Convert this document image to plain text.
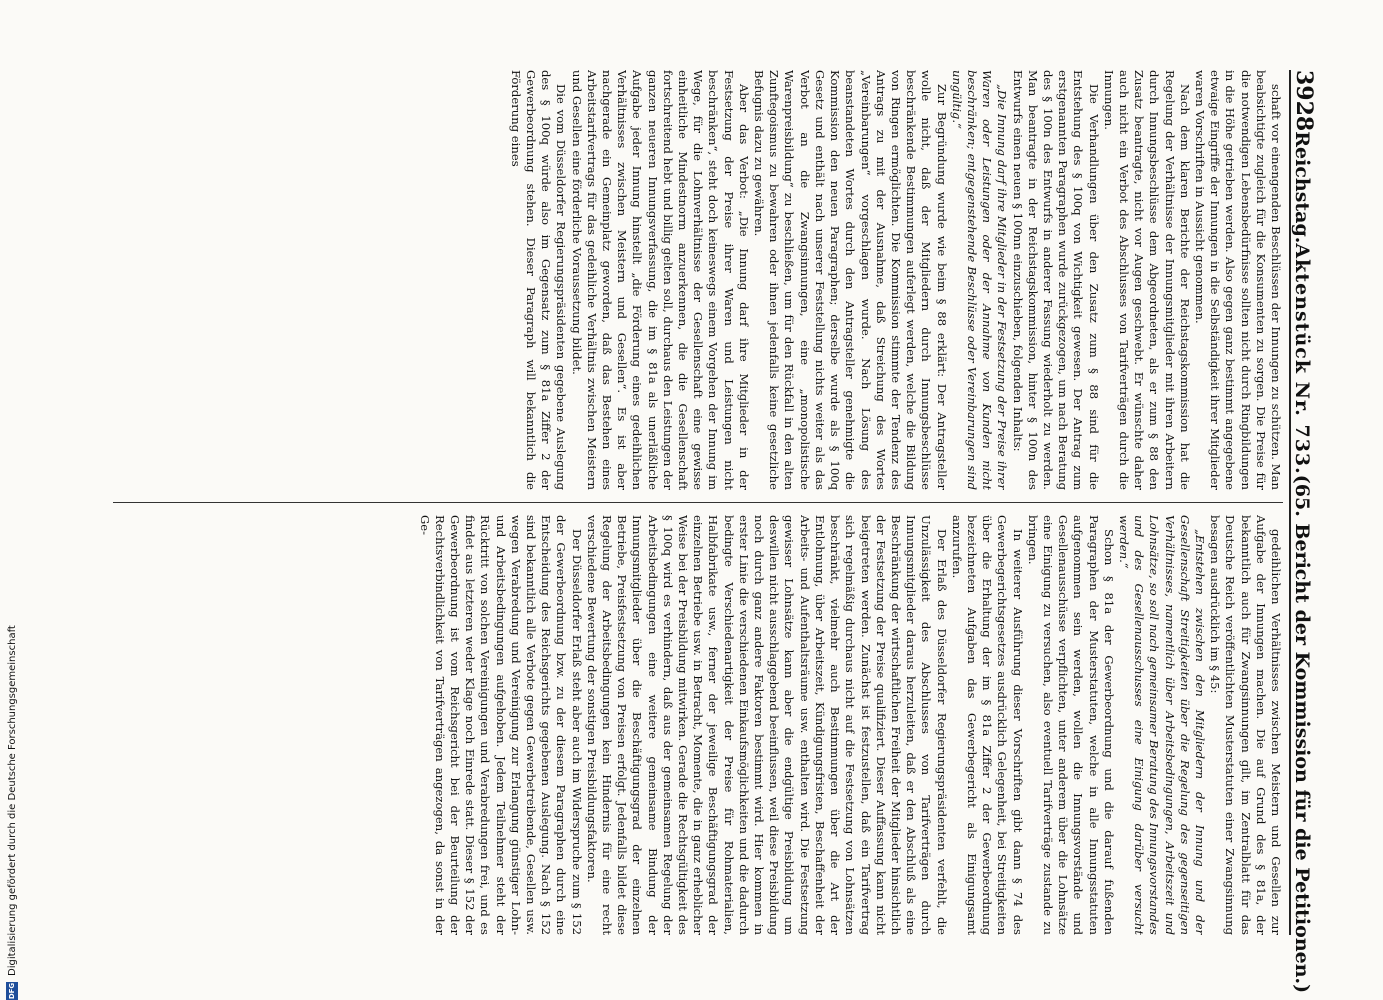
3928
Reichstag.
Aktenstück Nr. 733.
(65. Bericht der Kommission für die Petitionen.)

schaft vor einengenden Beschlüssen der Innungen zu schützen. Man beabsichtigte zugleich für die Konsumenten zu sorgen. Die Preise für die notwendigen Lebensbedürfnisse sollten nicht durch Ringbildungen in die Höhe getrieben werden. Also gegen ganz bestimmt angegebene etwaige Eingriffe der Innungen in die Selbständigkeit ihrer Mitglieder waren Vorschriften in Aussicht genommen.

Nach dem klaren Berichte der Reichstagskommission hat die Regelung der Verhältnisse der Innungsmitglieder mit ihren Arbeitern durch Innungsbeschlüsse dem Abgeordneten, als er zum § 88 den Zusatz beantragte, nicht vor Augen geschwebt. Er wünschte daher auch nicht ein Verbot des Abschlusses von Tarifverträgen durch die Innungen.

Die Verhandlungen über den Zusatz zum § 88 sind für die Entstehung des § 100q von Wichtigkeit gewesen. Der Antrag zum erstgenannten Paragraphen wurde zurückgezogen, um nach Beratung des § 100n des Entwurfs in anderer Fassung wiederholt zu werden. Man beantragte in der Reichstagskommission, hinter § 100n des Entwurfs einen neuen § 100nn einzuschieben, folgenden Inhalts:

„Die Innung darf ihre Mitglieder in der Festsetzung der Preise ihrer Waren oder Leistungen oder der Annahme von Kunden nicht beschränken; entgegenstehende Beschlüsse oder Vereinbarungen sind ungültig.“

Zur Begründung wurde wie beim § 88 erklärt: Der Antragsteller wolle nicht, daß der Mitgliedern durch Innungsbeschlüsse beschränkende Bestimmungen auferlegt werden, welche die Bildung von Ringen ermöglichten. Die Kommission stimmte der Tendenz des Antrags zu mit der Ausnahme, daß Streichung des Wortes „Vereinbarungen“ vorgeschlagen wurde. Nach Lösung des beanstandeten Wortes durch den Antragsteller genehmigte die Kommission den neuen Paragraphen; derselbe wurde als § 100q Gesetz und enthält nach unserer Feststellung nichts weiter als das Verbot an die Zwangsinnungen, eine „monopolistische Warenpreisbildung“ zu beschließen, um für den Rückfall in den alten Zunftegoismus zu bewahren oder ihnen jedenfalls keine gesetzliche Befugnis dazu zu gewähren.

Aber das Verbot: „Die Innung darf ihre Mitglieder in der Festsetzung der Preise ihrer Waren und Leistungen nicht beschränken“, steht doch keineswegs einem Vorgehen der Innung im Wege, für die Lohnverhältnisse der Gesellenschaft eine gewisse einheitliche Mindestnorm anzuerkennen, die die Gesellenschaft fortschreitend hebt und billig gelten soll, durchaus den Leistungen der ganzen neueren Innungsverfassung, die im § 81a als unerläßliche Aufgabe jeder Innung hinstellt „die Förderung eines gedeihlichen Verhältnisses zwischen Meistern und Gesellen“. Es ist aber nachgerade ein Gemeinplatz geworden, daß das Bestehen eines Arbeitstarifvertrags für das gedeihliche Verhältnis zwischen Meistern und Gesellen eine förderliche Voraussetzung bildet.

Die vom Düsseldorfer Regierungspräsidenten gegebene Auslegung des § 100q würde also im Gegensatz zum § 81a Ziffer 2 der Gewerbeordnung stehen. Dieser Paragraph will bekanntlich die Förderung eines

gedeihlichen Verhältnisses zwischen Meistern und Gesellen zur Aufgabe der Innungen machen. Die auf Grund des § 81a, der bekanntlich auch für Zwangsinnungen gilt, im Zentralblatt für das Deutsche Reich veröffentlichten Musterstatuten einer Zwangsinnung besagen ausdrücklich im § 45:

„Entstehen zwischen den Mitgliedern der Innung und der Gesellenschaft Streitigkeiten über die Regelung des gegenseitigen Verhältnisses, namentlich über Arbeitsbedingungen, Arbeitszeit und Lohnsätze, so soll nach gemeinsamer Beratung des Innungsvorstandes und des Gesellenausschusses eine Einigung darüber versucht werden.“

Schon § 81a der Gewerbeordnung und die darauf fußenden Paragraphen der Musterstatuten, welche in alle Innungsstatuten aufgenommen sein werden, wollen die Innungsvorstände und Gesellenausschüsse verpflichten, unter anderem über die Lohnsätze eine Einigung zu versuchen, also eventuell Tarifverträge zustande zu bringen.

In weiterer Ausführung dieser Vorschriften gibt dann § 74 des Gewerbegerichtsgesetzes ausdrücklich Gelegenheit, bei Streitigkeiten über die Erhaltung der im § 81a Ziffer 2 der Gewerbeordnung bezeichneten Aufgaben das Gewerbegericht als Einigungsamt anzurufen.

Der Erlaß des Düsseldorfer Regierungspräsidenten verfehlt, die Unzulässigkeit des Abschlusses von Tarifverträgen durch Innungsmitglieder daraus herzuleiten, daß er den Abschluß als eine Beschränkung der wirtschaftlichen Freiheit der Mitglieder hinsichtlich der Festsetzung der Preise qualifiziert. Dieser Auffassung kann nicht beigetreten werden. Zunächst ist festzustellen, daß ein Tarifvertrag sich regelmäßig durchaus nicht auf die Festsetzung von Lohnsätzen beschränkt, vielmehr auch Bestimmungen über die Art der Entlohnung, über Arbeitszeit, Kündigungsfristen, Beschaffenheit der Arbeits- und Aufenthaltsräume usw. enthalten wird. Die Festsetzung gewisser Lohnsätze kann aber die endgültige Preisbildung um deswillen nicht ausschlaggebend beeinflussen, weil diese Preisbildung noch durch ganz andere Faktoren bestimmt wird. Hier kommen in erster Linie die verschiedenen Einkaufsmöglichkeiten und die dadurch bedingte Verschiedenartigkeit der Preise für Rohmaterialien, Halbfabrikate usw., ferner der jeweilige Beschäftigungsgrad der einzelnen Betriebe usw. in Betracht, Momente, die in ganz erheblicher Weise bei der Preisbildung mitwirken. Gerade die Rechtsgültigkeit des § 100q wird es verhindern, daß aus der gemeinsamen Regelung der Arbeitsbedingungen eine weitere gemeinsame Bindung der Innungsmitglieder über die Beschäftigungsgrad der einzelnen Betriebe, Preisfestsetzung von Preisen erfolgt. Jedenfalls bildet diese Regelung der Arbeitsbedingungen kein Hindernis für eine recht verschiedene Bewertung der sonstigen Preisbildungsfaktoren.

Der Düsseldorfer Erlaß steht aber auch im Widerspruche zum § 152 der Gewerbeordnung bzw. zu der diesem Paragraphen durch eine Entscheidung des Reichsgerichts gegebenen Auslegung. Nach § 152 sind bekanntlich alle Verbote gegen Gewerbetreibende, Gesellen usw. wegen Verabredung und Vereinigung zur Erlangung günstiger Lohn- und Arbeitsbedingungen aufgehoben. Jedem Teilnehmer steht der Rücktritt von solchen Vereinigungen und Verabredungen frei, und es findet aus letzteren weder Klage noch Einrede statt. Dieser § 152 der Gewerbeordnung ist vom Reichsgericht bei der Beurteilung der Rechtsverbindlichkeit von Tarifverträgen angezogen, da sonst in der Ge-

DFG
Digitalisierung gefördert durch die Deutsche Forschungsgemeinschaft
